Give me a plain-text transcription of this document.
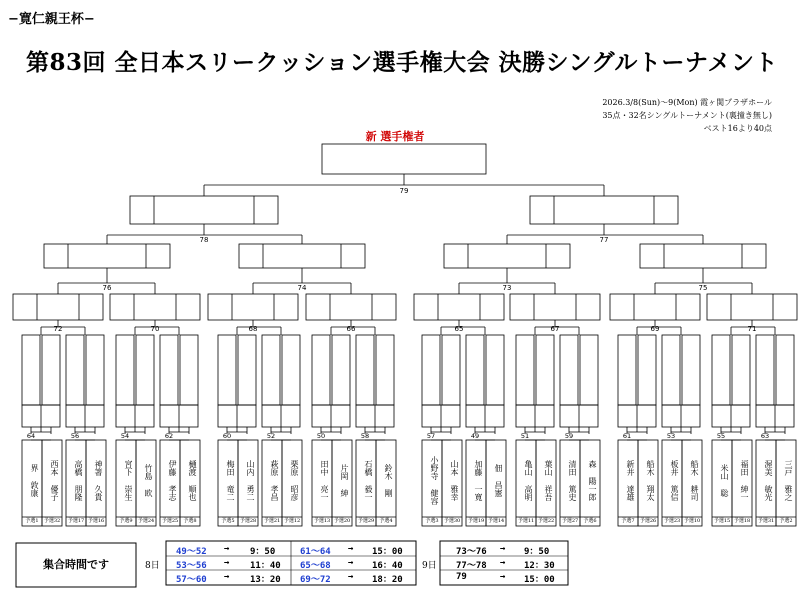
−寛仁親王杯−
第83回 全日本スリークッション選手権大会 決勝シングルトーナメント
2026.3/8(Sun)〜9(Mon) 霞ヶ関プラザホール
35点・32名シングルトーナメント(裏撞き無し)
ベスト16より40点
新 選手権者
79
78	77
76	74	73	75
72	70	68	66	65	67	69	71
64	56	54	62	60	52	50	58	57	49	51	59	61	53	55	63
界 敦康
予選1
西本 優子
予選32
高橋 朋隆
予選17
神箸 久貴
予選16
宮下 崇生
予選9
竹島 欧
予選24
伊藤 孝志
予選25
樋渡 順也
予選8
梅田 竜二
予選5
山内 勇二
予選28
萩原 孝昌
予選21
栗原 昭彦
予選12
田中 亮一
予選13
片岡 紳
予選20
石橋 毅一
予選29
鈴木 剛
予選4
小野寺 健容
予選3
山本 雅幸
予選30
加藤 一寛
予選19
佃 昌憲
予選14
亀山 高明
予選11
葉山 祥吾
予選22
清田 篤史
予選27
森 陽一郎
予選6
新井 達雄
予選7
船木 翔太
予選26
板井 篤信
予選23
船木 耕司
予選10
米山 聡
予選15
福田 紳一
予選18
渥美 敏光
予選31
三戸 雅之
予選2
集合時間です	8日	9日
49～52 → 9：50	61～64 → 15：00
53～56 → 11：40 65～68 → 16：40
57～60 → 13：20 69～72 → 18：20
73～76 → 9：50
77～78 → 12：30
79	→ 15：00
